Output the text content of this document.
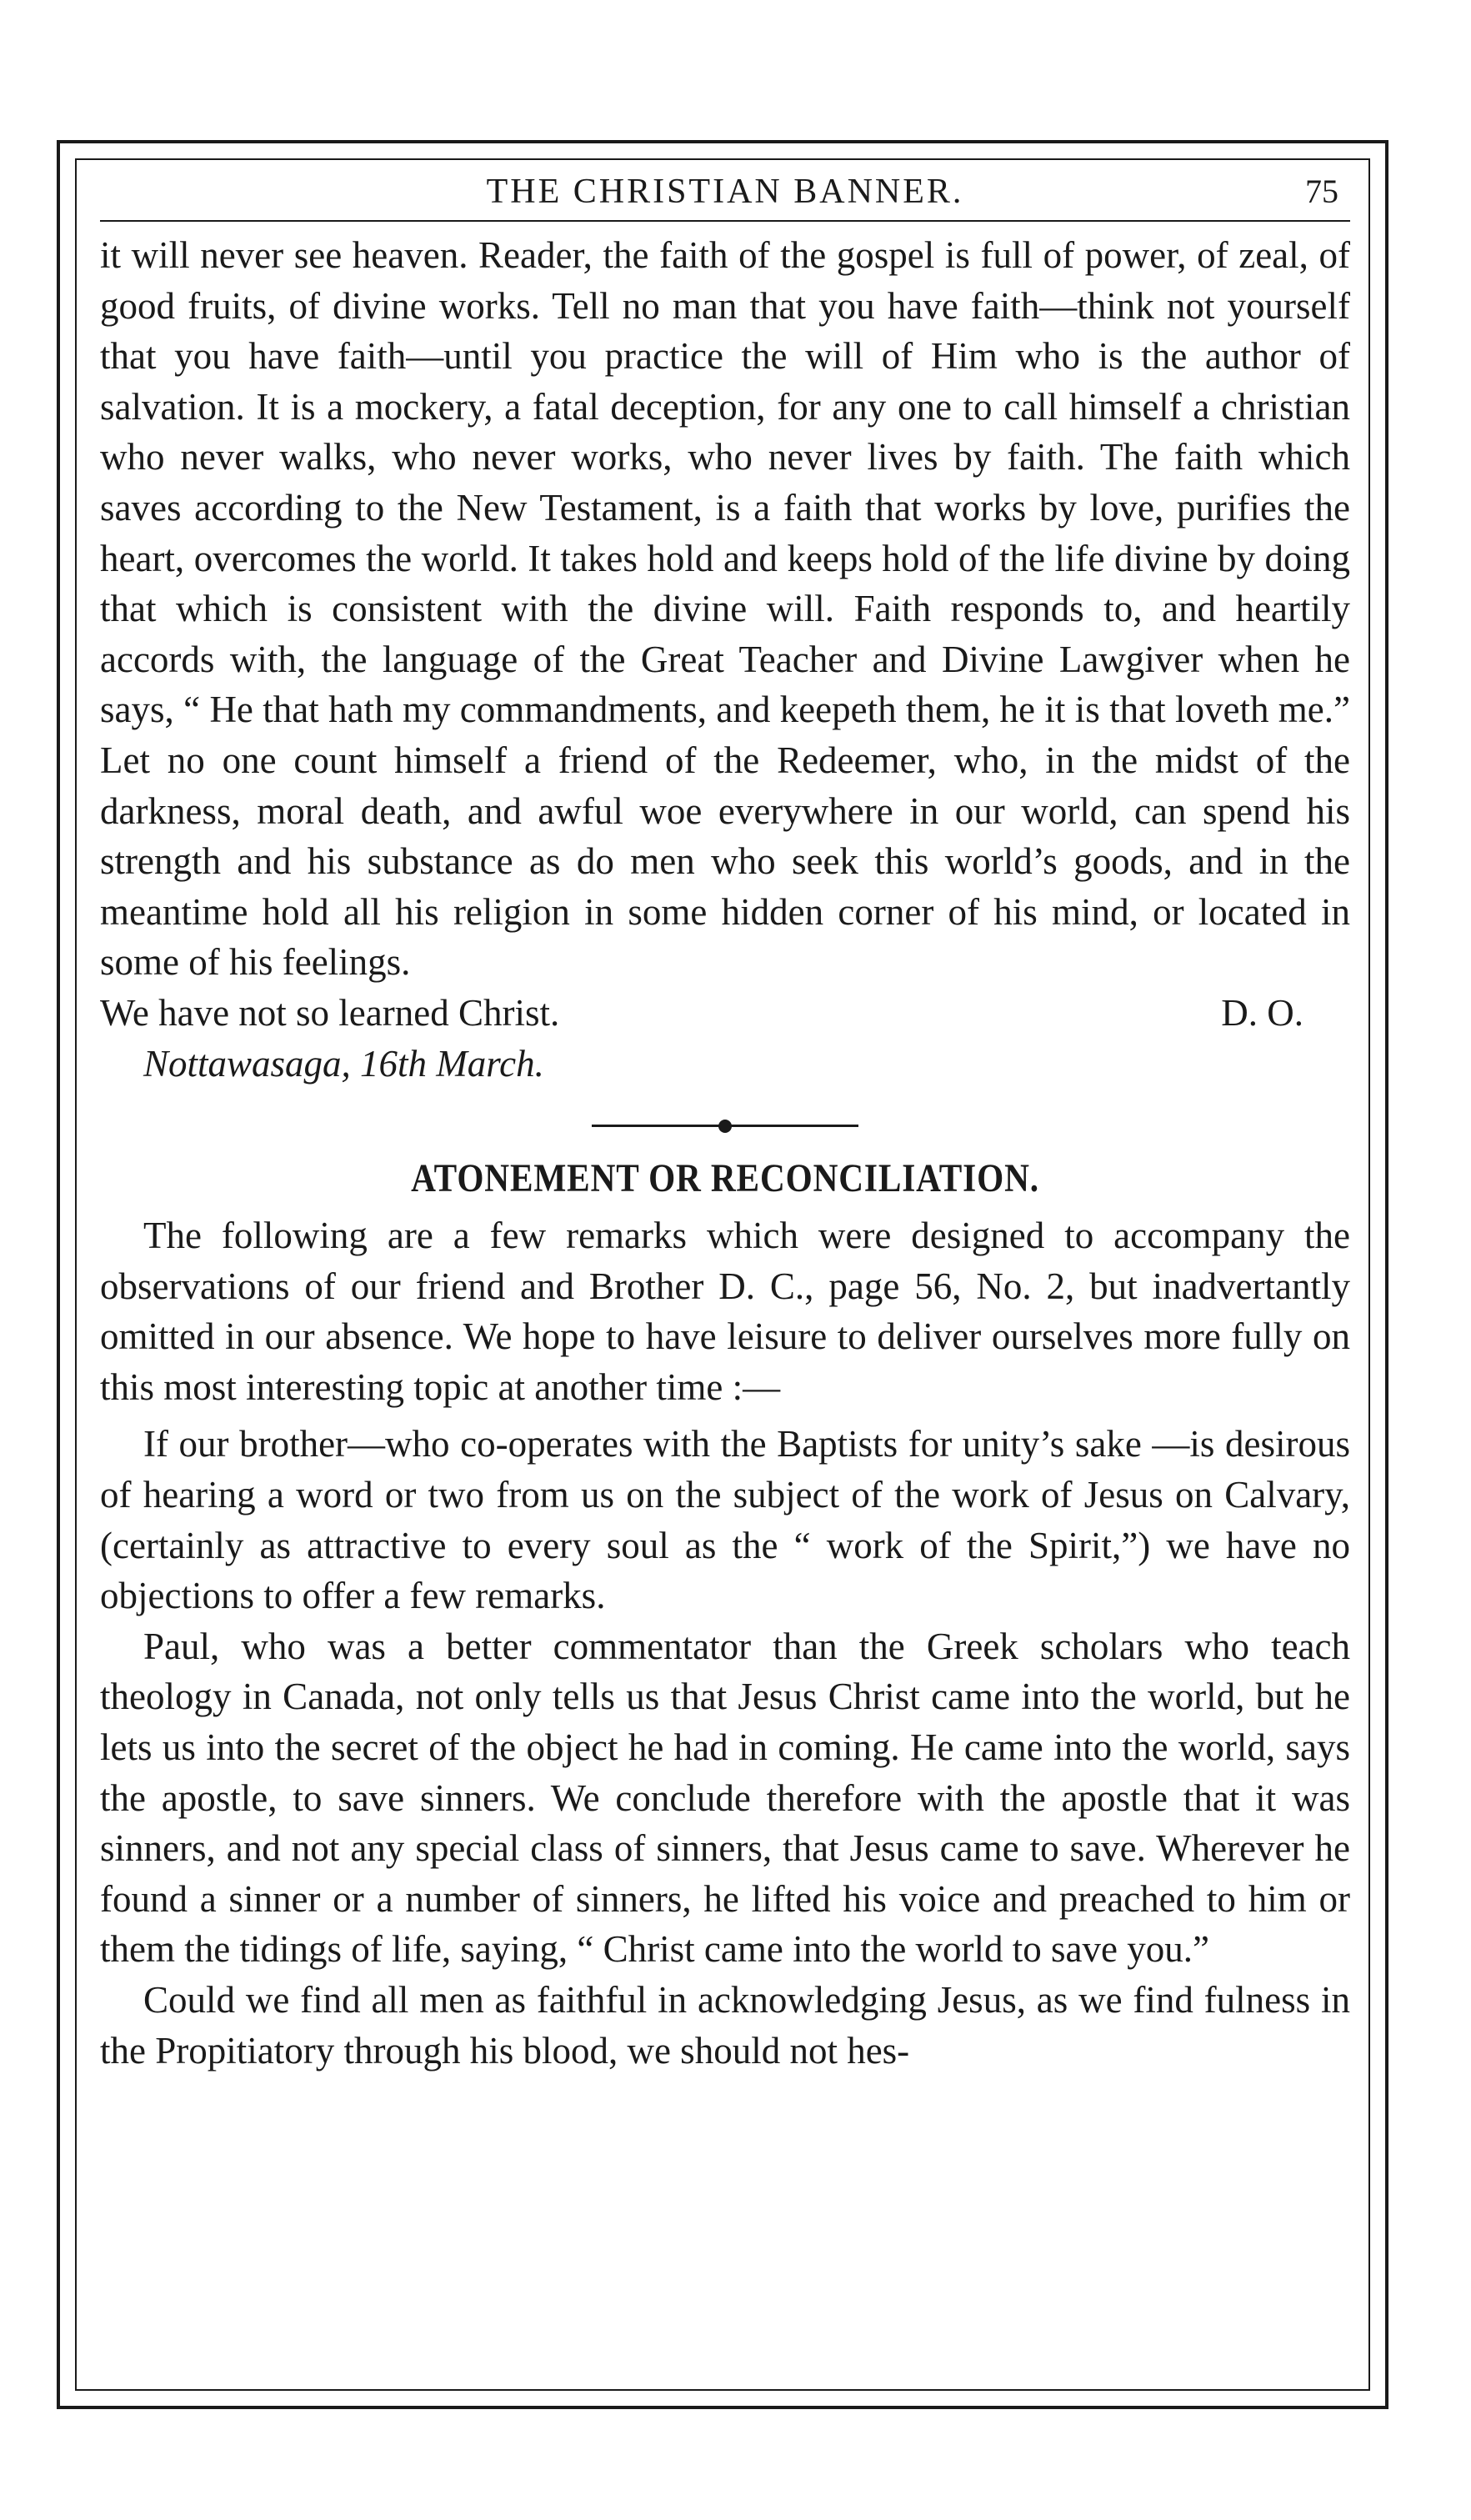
THE CHRISTIAN BANNER.	75

it will never see heaven. Reader, the faith of the gospel is full of power, of zeal, of good fruits, of divine works. Tell no man that you have faith—think not yourself that you have faith—until you practice the will of Him who is the author of salvation. It is a mockery, a fatal deception, for any one to call himself a christian who never walks, who never works, who never lives by faith. The faith which saves according to the New Testament, is a faith that works by love, purifies the heart, overcomes the world. It takes hold and keeps hold of the life divine by doing that which is consistent with the divine will. Faith responds to, and heartily accords with, the language of the Great Teacher and Divine Lawgiver when he says, “ He that hath my commandments, and keepeth them, he it is that loveth me.” Let no one count himself a friend of the Redeemer, who, in the midst of the darkness, moral death, and awful woe everywhere in our world, can spend his strength and his substance as do men who seek this world’s goods, and in the meantime hold all his religion in some hidden corner of his mind, or located in some of his feelings.

We have not so learned Christ.	D. O.

Nottawasaga, 16th March.

ATONEMENT OR RECONCILIATION.

The following are a few remarks which were designed to accompany the observations of our friend and Brother D. C., page 56, No. 2, but inadvertantly omitted in our absence. We hope to have leisure to deliver ourselves more fully on this most interesting topic at another time :—

If our brother—who co-operates with the Baptists for unity’s sake —is desirous of hearing a word or two from us on the subject of the work of Jesus on Calvary, (certainly as attractive to every soul as the “ work of the Spirit,”) we have no objections to offer a few remarks.

Paul, who was a better commentator than the Greek scholars who teach theology in Canada, not only tells us that Jesus Christ came into the world, but he lets us into the secret of the object he had in coming. He came into the world, says the apostle, to save sinners. We conclude therefore with the apostle that it was sinners, and not any special class of sinners, that Jesus came to save. Wherever he found a sinner or a number of sinners, he lifted his voice and preached to him or them the tidings of life, saying, “ Christ came into the world to save you.”

Could we find all men as faithful in acknowledging Jesus, as we find fulness in the Propitiatory through his blood, we should not hes-
